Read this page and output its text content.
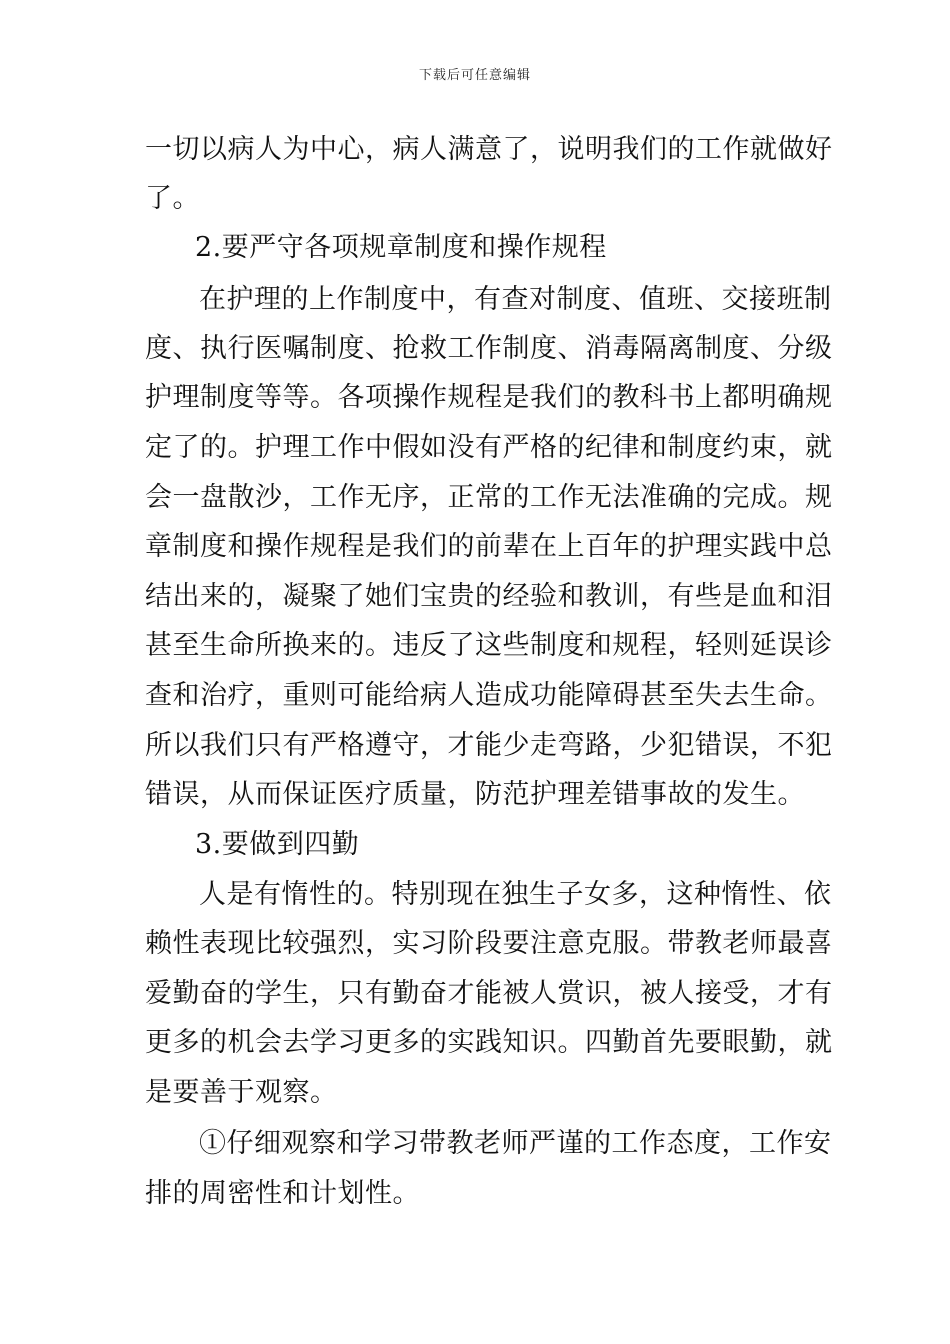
下载后可任意编辑
一切以病人为中心，病人满意了，说明我们的工作就做好
了。
2.要严守各项规章制度和操作规程
在护理的上作制度中，有查对制度、值班、交接班制
度、执行医嘱制度、抢救工作制度、消毒隔离制度、分级
护理制度等等。各项操作规程是我们的教科书上都明确规
定了的。护理工作中假如没有严格的纪律和制度约束，就
会一盘散沙，工作无序，正常的工作无法准确的完成。规
章制度和操作规程是我们的前辈在上百年的护理实践中总
结出来的，凝聚了她们宝贵的经验和教训，有些是血和泪
甚至生命所换来的。违反了这些制度和规程，轻则延误诊
查和治疗，重则可能给病人造成功能障碍甚至失去生命。
所以我们只有严格遵守，才能少走弯路，少犯错误，不犯
错误，从而保证医疗质量，防范护理差错事故的发生。
3.要做到四勤
人是有惰性的。特别现在独生子女多，这种惰性、依
赖性表现比较强烈，实习阶段要注意克服。带教老师最喜
爱勤奋的学生，只有勤奋才能被人赏识，被人接受，才有
更多的机会去学习更多的实践知识。四勤首先要眼勤，就
是要善于观察。
①仔细观察和学习带教老师严谨的工作态度，工作安
排的周密性和计划性。
